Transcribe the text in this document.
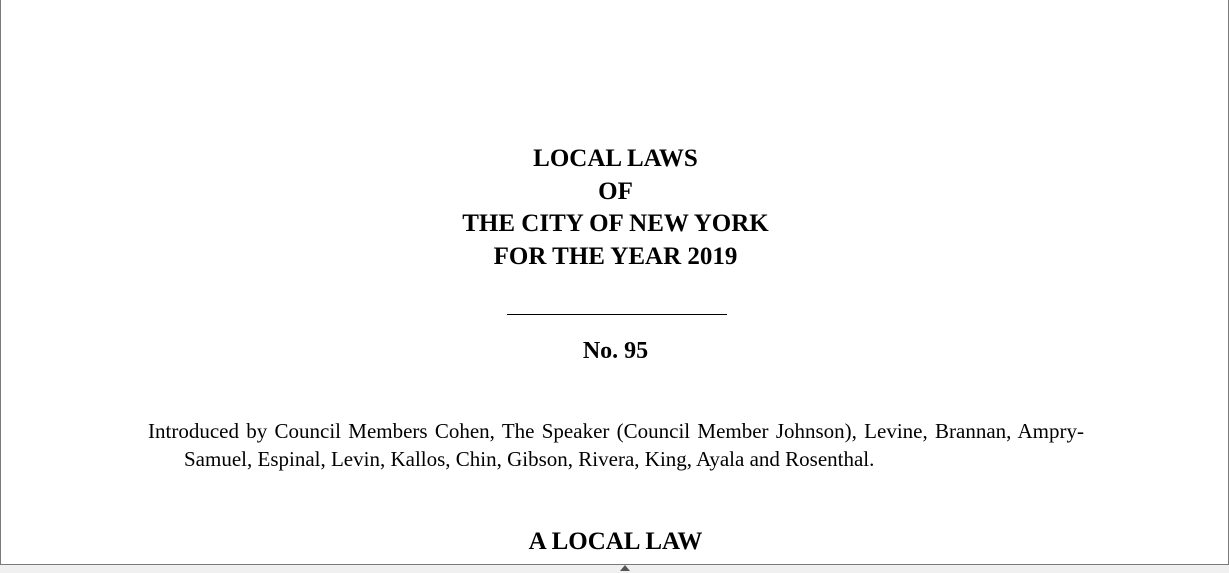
LOCAL LAWS
OF
THE CITY OF NEW YORK
FOR THE YEAR 2019
No. 95
Introduced by Council Members Cohen, The Speaker (Council Member Johnson), Levine, Brannan, Ampry-Samuel, Espinal, Levin, Kallos, Chin, Gibson, Rivera, King, Ayala and Rosenthal.
A LOCAL LAW
